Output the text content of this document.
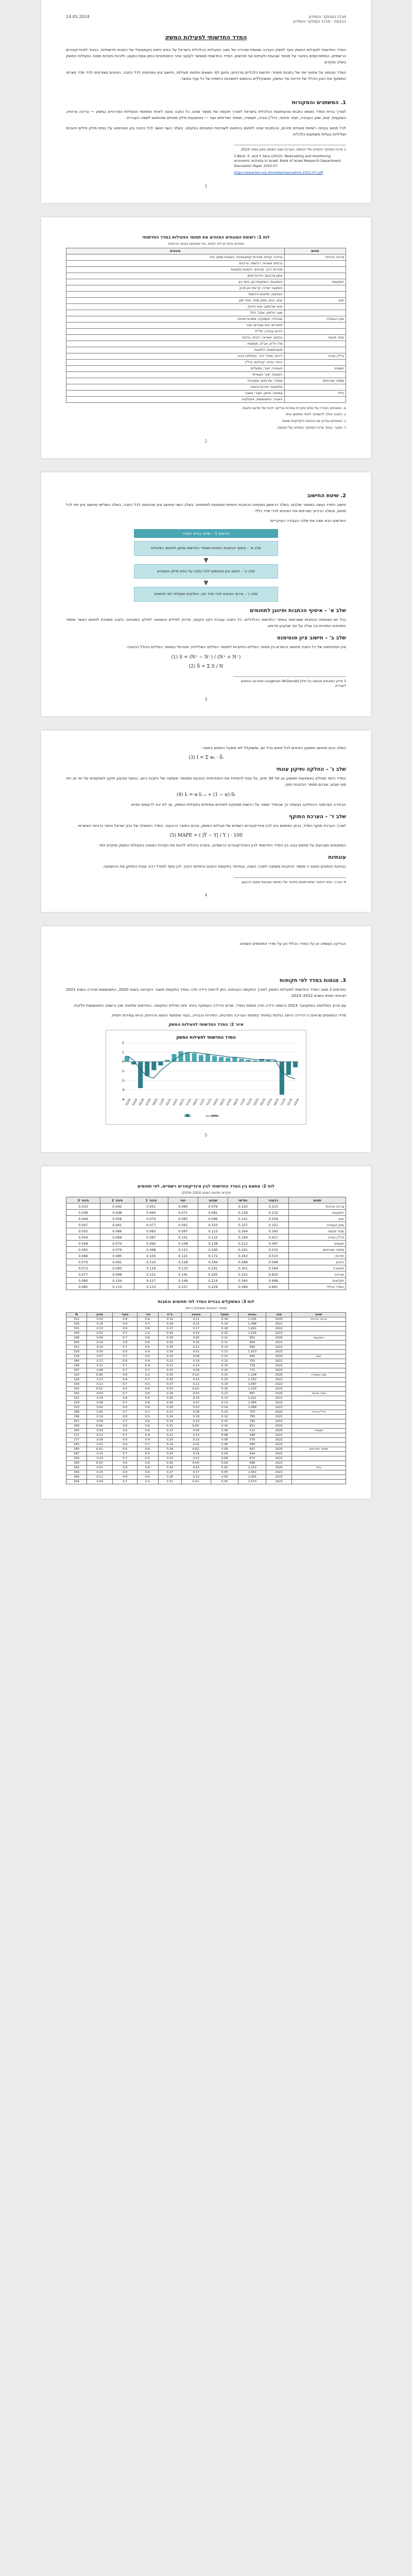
מרכז המחקר והמידע
הכנסת · מרכז המחקר והמידע
14.05.2024
המדד החדשותי לפעילות המשק

המדד החדשותי לפעילות המשק נועד לספק הערכה שוטפת ומהירה של מצב הפעילות הכלכלית בישראל על בסיס ניתוח טקסטואלי של כתבות חדשותיות. בניגוד לאינדיקטורים הרשמיים, המתפרסמים בפיגור של מספר שבועות ולעיתים אף חודשים, המדד החדשותי מאפשר לעקוב אחר התפתחויות בזמן אמת כמעט, ולזהות נקודות מפנה בפעילות המשק בשלב מוקדם.

המדד מבוסס על איסוף יומי של כתבות מאתרי חדשות כלכליים מרכזיים, סיווגן לפי נושאים ותחומי פעילות, וחישוב ציון סנטימנט לכל כתבה. הציונים מצורפים לכדי מדד מצרפי המשקף את הטון הכללי של הדיווח על המשק, ומשוקללים בהתאם לחשיבות היחסית של כל ענף בתוצר.

1. המשתנים והמקורות

לצורך בניית המדד נאספו כתבות מהעיתונות הכלכלית בישראל לאורך תקופה של מספר שנים. כל כתבה סווגה לאחד מתחומי הפעילות המרכזיים במשק — צריכה פרטית, השקעות, יצוא, שוק העבודה, מגזר פיננסי, נדל"ן ובנייה, תעשייה, מסחר ושירותים ועוד — באמצעות מילון מונחים שהותאם לשפה העברית.

לכל תחום נבנתה רשימת מונחים מזהים, והכתבות שויכו לתחום בהתאם לשכיחות המונחים בטקסט. בשלב השני חושב לכל כתבה ציון סנטימנט על בסיס מילון מילים חיוביות ושליליות בעלות משמעות כלכלית.

1 מרכז המחקר והמידע של הכנסת, הערכת מצב המשק בזמן אמת, 2024.
2 Beck, E. and Y. Sery (2022). Nowcasting and monitoring economic activity in Israel. Bank of Israel Research Department Discussion Paper 2022.07.
https://www.boi.org.il/media/nowcasting-2022-07.pdf
1
לוח 1: רשימת המונחים המזהים את תחומי הפעילות במדד החדשותי
מונחים עיקריים לפי תחום, כפי ששימשו בסיווג הכתבות
תחום	מונחים
צריכה פרטית	צריכה; קניות; מכירות קמעונאיות; הוצאות משקי בית
	כרטיסי אשראי; רכישות; צרכנים
	מכירות רכב; קניונים; הזמנות מקוונות
	אמון צרכנים; תיירות פנים
השקעות	השקעות; השקעות הון; גיוסי הון
	השקעה ישירה; קרנות הון סיכון
	הנפקות; מיזוגים ורכישות
יצוא	יצוא; יבוא; מאזן סחר; סחר חוץ
	יצוא שירותים; יצוא הייטק
	שער חליפין; שקל; דולר
שוק העבודה	אבטלה; תעסוקה; משרות פנויות
	פיטורים; גיוס עובדים; שכר
	דורשי עבודה; חל"ת
מגזר פיננסי	בנקים; אשראי; ריבית; בורסה
	מדד ת"א; אג"ח; תשואות
	משכנתאות; הלוואות
נדל"ן ובנייה	דירות; מחירי דיור; התחלות בנייה
	היתרי בנייה; קבלנים; נדל"ן
תעשייה	תעשייה; ייצור; מפעלים
	הזמנות; ייצור תעשייתי
מסחר ושירותים	מסחר; שירותים; מסעדות
	מלונאות; תיירות נכנסת
כללי	צמיחה; מיתון; תוצר; משבר
	האטה; התאוששות; אינפלציה
א. המונחים הוגדרו על בסיס סקירת ספרות ובדיקה ידנית של מדגם כתבות.
ב. כתבה יכולה להשתייך ליותר מתחום אחד.
ג. המונחים נבדקו גם בהטיות דקדוקיות שונות.
ד. מקור: עיבוד מרכז המחקר והמידע של הכנסת.
2
2. שיטת החישוב

חישוב המדד נעשה במספר שלבים. בשלב הראשון נאספות הכתבות היומיות ומסווגות לתחומים. בשלב השני מחושב ציון סנטימנט לכל כתבה. בשלב השלישי מחושב ציון יומי לכל תחום, ובשלב הרביעי מצרפים את הציונים לכדי מדד כללי.

התרשים הבא מציג את שלבי העבודה העיקריים:

תרשים 1 – שלבי בניית המדד
שלב א' – איסוף הכתבות היומיות מאתרי החדשות וסיווגן לתחומי הפעילות
▼
שלב ב' – חישוב ציון סנטימנט לכל כתבה על בסיס מילון המונחים
▼
שלב ג' – צירוף הציונים לכדי מדד יומי, החלקתו ושקלולו לפי תחומים
שלב א' – איסוף הכתבות וסיווגן לתחומים

בכל יום נאספות הכתבות שפורסמו באתרי החדשות הכלכליים. כל כתבה עוברת ניקוי טקסט, פירוק למילים והשוואה למילון המונחים. כתבה משויכת לתחום כאשר מספר המונחים המזהים בה עולה על סף שנקבע מראש.

שלב ב' – חישוב ציון סנטימנט

ציון הסנטימנט של כל כתבה מחושב כהפרש בין מספר המילים החיוביות למספר המילים השליליות, מנורמל במספר המילים הכולל בכתבה:

(1) S = (N⁺ − N⁻) / (N⁺ + N⁻)
(2) S̄ = Σ S / N
3 מילון המונחים מבוסס על מילון Loughran–McDonald שתורגם והותאם לעברית.
3

בשלב הבא מחושב ממוצע הציונים לכל תחום בכל יום, ומשוקלל לפי משקל התחום בתוצר:

(3) I = Σ wᵢ · S̄ᵢ
שלב ג' – החלקה ותיקון עונתי

המדד היומי מוחלק באמצעות ממוצע נע של 30 ימים, על מנת להפחית את התנודתיות הנובעת ממספר משתנה של כתבות ביום. בנוסף מבוצע תיקון לאפקטים של ימי חג וימי סוף שבוע, שבהם מספר הכתבות נמוך.

(4) Iₜ = α·Iₜ₋₁ + (1 − α)·Sₜ

הבחירה בפרמטר ההחלקה נעשתה כך שהמדד ישמור על רגישות מספקת לשינויים אמיתיים בפעילות המשק, אך לא יגיב לרעשים יומיים.

שלב ד' – הערכת התוקף

לצורך הערכת תוקף המדד, נבחן המתאם בינו לבין אינדיקטורים רשמיים של פעילות המשק, ובהם התוצר הרבעוני, המדד המשולב של בנק ישראל ונתוני כרטיסי האשראי.

(5) MAPE = ( |Ŷ − Y| / Y ) · 100

הממצאים מצביעים על מתאם גבוה בין המדד החדשותי לבין האינדיקטורים הרשמיים, ובפרט ביכולתו לזהות את נקודות המפנה בפעילות המשק מוקדם יותר.

עונתיות

בבחינת הנתונים נמצא כי מספר הכתבות משתנה לאורך השנה, ובמיוחד בתקופת החגים ובחודשי הקיץ. לכן נוסף למודל רכיב עונתי המתקן את ההשפעה.

4 הערה: נתוני התוצר מתפרסמים בפיגור של כשישה שבועות מסוף הרבעון.
4

הבדיקה נעשתה הן על המדד הכללי והן על מדדי התחומים השונים.

3. מגמות במדד לפי תקופות

בתרשים 2 מוצג המדד החדשותי לפעילות המשק לאורך התקופה הנבחנת. ניתן לראות ירידה חדה במדד בתקופת משבר הקורונה בשנת 2020, התאוששות מהירה בשנת 2021 ויציבות יחסית בשנים 2022–2023.

עם פרוץ המלחמה באוקטובר 2023 נרשמה ירידה חדה נוספת במדד, שהיא הירידה העמוקה ביותר מאז תחילת התקופה. בחודשים שלאחר מכן נרשמה התאוששות חלקית.

מדדי התחומים מראים כי הירידה הייתה בולטת במיוחד בתחומי הצריכה הפרטית, התיירות והבנייה, בעוד שתחומי היצוא וההייטק הראו עמידות יחסית.

איור 2: המדד החדשותי לפעילות המשק
המדד החדשותי לפעילות המשק
01/20 03/20 05/20 07/20 09/20 11/20 01/21 03/21 05/21 07/21 09/21 11/21 01/22 03/22 05/22 07/22 09/22 11/22 01/23 03/23 05/23 07/23 09/23 11/23 01/24 03/24
-4
-3
-2
-1
0
1
2
המדד	ממוצע נע
5
לוח 2: מתאם בין המדד החדשותי לבין אינדיקטורים רשמיים, לפי תחומים
מקדמי מתאם (שנים 2020–2024)
תחום	רבעוני	חודשי	שבועי	יומי	פיגור 1	פיגור 2	פיגור 3
צריכה פרטית	0.215	0.120	0.076	0.065	0.051	0.042	0.033
השקעות	0.232	0.129	0.081	0.071	0.060	0.048	0.039
יצוא	0.259	0.141	0.096	0.083	0.070	0.056	0.044
שוק העבודה	0.321	0.157	0.103	0.091	0.077	0.061	0.047
מגזר פיננסי	0.343	0.164	0.115	0.097	0.083	0.066	0.052
נדל"ן ובנייה	0.417	0.194	0.122	0.101	0.087	0.069	0.054
תעשייה	0.497	0.212	0.138	0.108	0.092	0.074	0.058
מסחר ושירותים	0.510	0.241	0.160	0.115	0.098	0.079	0.062
תיירות	0.533	0.263	0.172	0.121	0.105	0.085	0.066
הייטק	0.568	0.288	0.184	0.128	0.110	0.091	0.070
תחבורה	0.594	0.301	0.191	0.133	0.116	0.095	0.073
אנרגיה	0.620	0.322	0.205	0.141	0.121	0.099	0.077
חקלאות	0.648	0.340	0.214	0.149	0.127	0.104	0.080
המדד הכללי	0.691	0.366	0.229	0.157	0.133	0.110	0.085
לוח 3: המשקלים בבניית המדד לפי תחומים וכתבות
מספר הכתבות ומשקלן היחסי
תחום	שנה	כתבות	משקל	ממוצע	ס"ת	מינ'	מקס'	חציון	N
צריכה פרטית	2020	1,245	0.18	0.12	0.31	-0.9	0.8	0.10	312
	2021	1,388	0.19	0.21	0.28	-0.7	0.9	0.18	326
	2022	1,402	0.18	0.17	0.27	-0.6	0.8	0.15	331
	2023	1,516	0.20	0.04	0.34	-1.0	0.7	0.02	340
השקעות	2020	832	0.12	0.05	0.29	-0.8	0.7	0.04	298
	2021	904	0.12	0.16	0.26	-0.6	0.8	0.14	305
	2022	956	0.13	0.11	0.25	-0.5	0.7	0.10	311
	2023	1,010	0.13	0.01	0.30	-0.9	0.6	0.00	318
יצוא	2020	640	0.10	0.08	0.24	-0.6	0.7	0.07	276
	2021	702	0.10	0.19	0.22	-0.4	0.8	0.17	284
	2022	738	0.10	0.14	0.21	-0.4	0.7	0.12	290
	2023	771	0.10	0.09	0.25	-0.7	0.7	0.08	297
שוק העבודה	2020	1,108	0.15	-0.10	0.35	-1.0	0.6	-0.08	320
	2021	1,150	0.15	0.14	0.30	-0.7	0.8	0.12	329
	2022	1,097	0.14	0.12	0.27	-0.5	0.7	0.11	334
	2023	1,233	0.16	-0.02	0.33	-0.9	0.6	-0.01	341
מגזר פיננסי	2020	987	0.13	0.03	0.28	-0.8	0.7	0.02	305
	2021	1,021	0.13	0.15	0.25	-0.5	0.8	0.14	312
	2022	1,064	0.14	0.07	0.26	-0.6	0.7	0.06	318
	2023	1,089	0.14	0.03	0.29	-0.8	0.6	0.02	323
נדל"ן ובנייה	2020	703	0.10	0.06	0.27	-0.7	0.7	0.05	288
	2021	765	0.10	0.18	0.24	-0.5	0.8	0.16	296
	2022	790	0.10	0.10	0.25	-0.6	0.7	0.09	301
	2023	811	0.10	-0.05	0.31	-0.9	0.6	-0.04	309
תעשייה	2020	512	0.08	0.04	0.23	-0.6	0.6	0.03	264
	2021	548	0.08	0.13	0.21	-0.4	0.7	0.12	271
	2022	570	0.08	0.10	0.20	-0.4	0.6	0.09	277
	2023	589	0.08	0.02	0.24	-0.7	0.6	0.01	283
מסחר ושירותים	2020	601	0.09	-0.02	0.28	-0.8	0.6	-0.01	280
	2021	644	0.09	0.16	0.24	-0.5	0.7	0.15	287
	2022	672	0.09	0.11	0.23	-0.5	0.7	0.10	293
	2023	698	0.09	-0.04	0.30	-0.9	0.6	-0.03	300
כללי	2020	2,310	0.05	0.02	0.30	-0.9	0.8	0.01	350
	2021	2,402	0.05	0.17	0.27	-0.6	0.9	0.15	356
	2022	2,455	0.05	0.12	0.26	-0.6	0.8	0.11	360
	2023	2,570	0.05	-0.01	0.32	-1.0	0.7	0.00	364
